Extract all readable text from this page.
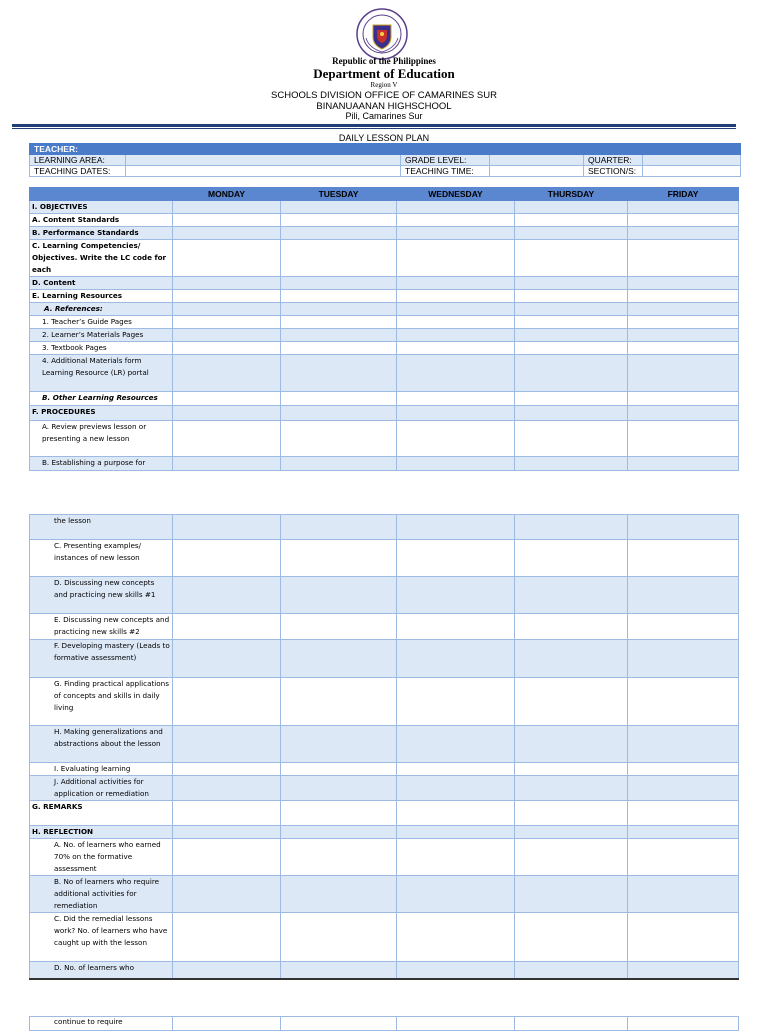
Republic of the Philippines
Department of Education
Region V
SCHOOLS DIVISION OFFICE OF CAMARINES SUR
BINANUAANAN HIGHSCHOOL
Pili, Camarines Sur
DAILY LESSON PLAN
TEACHER:					
LEARNING AREA:		GRADE LEVEL:		QUARTER:	
TEACHING DATES:		TEACHING TIME:		SECTION/S:	
	MONDAY	TUESDAY	WEDNESDAY	THURSDAY	FRIDAY
I. OBJECTIVES					
A. Content Standards					
B. Performance Standards					
C. Learning Competencies/ Objectives. Write the LC code for each					
D. Content					
E. Learning Resources					
A. References:					
1. Teacher’s Guide Pages					
2. Learner’s Materials Pages					
3. Textbook Pages					
4. Additional Materials form Learning Resource (LR) portal					
B. Other Learning Resources					
F. PROCEDURES					
A. Review previews lesson or presenting a new lesson					
B. Establishing a purpose for					
the lesson					
C. Presenting examples/ instances of new lesson					
D. Discussing new concepts and practicing new skills #1					
E. Discussing new concepts and practicing new skills #2					
F. Developing mastery (Leads to formative assessment)					
G. Finding practical applications of concepts and skills in daily living					
H. Making generalizations and abstractions about the lesson					
I. Evaluating learning					
J. Additional activities for application or remediation					
G. REMARKS					
H. REFLECTION					
A. No. of learners who earned 70% on the formative assessment					
B. No of learners who require additional activities for remediation					
C. Did the remedial lessons work? No. of learners who have caught up with the lesson					
D. No. of learners who					
continue to require					
